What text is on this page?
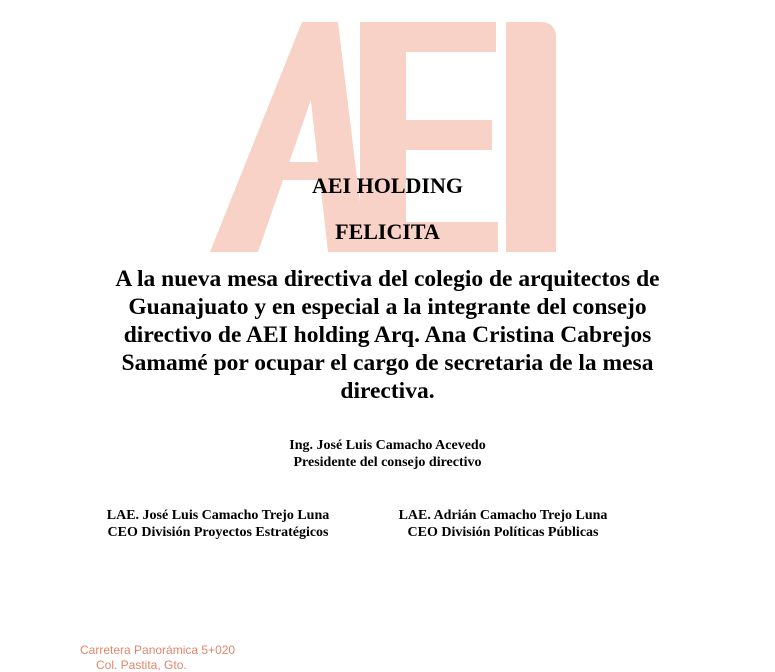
AEI HOLDING
FELICITA
A la nueva mesa directiva del colegio de arquitectos de Guanajuato y en especial a la integrante del consejo directivo de AEI holding Arq. Ana Cristina Cabrejos Samamé por ocupar el cargo de secretaria de la mesa directiva.
Ing. José Luis Camacho Acevedo
Presidente del consejo directivo
LAE. José Luis Camacho Trejo Luna
CEO División Proyectos Estratégicos
LAE. Adrián Camacho Trejo Luna
CEO División Políticas Públicas
Carretera Panorámica 5+020
Col. Pastita, Gto.
